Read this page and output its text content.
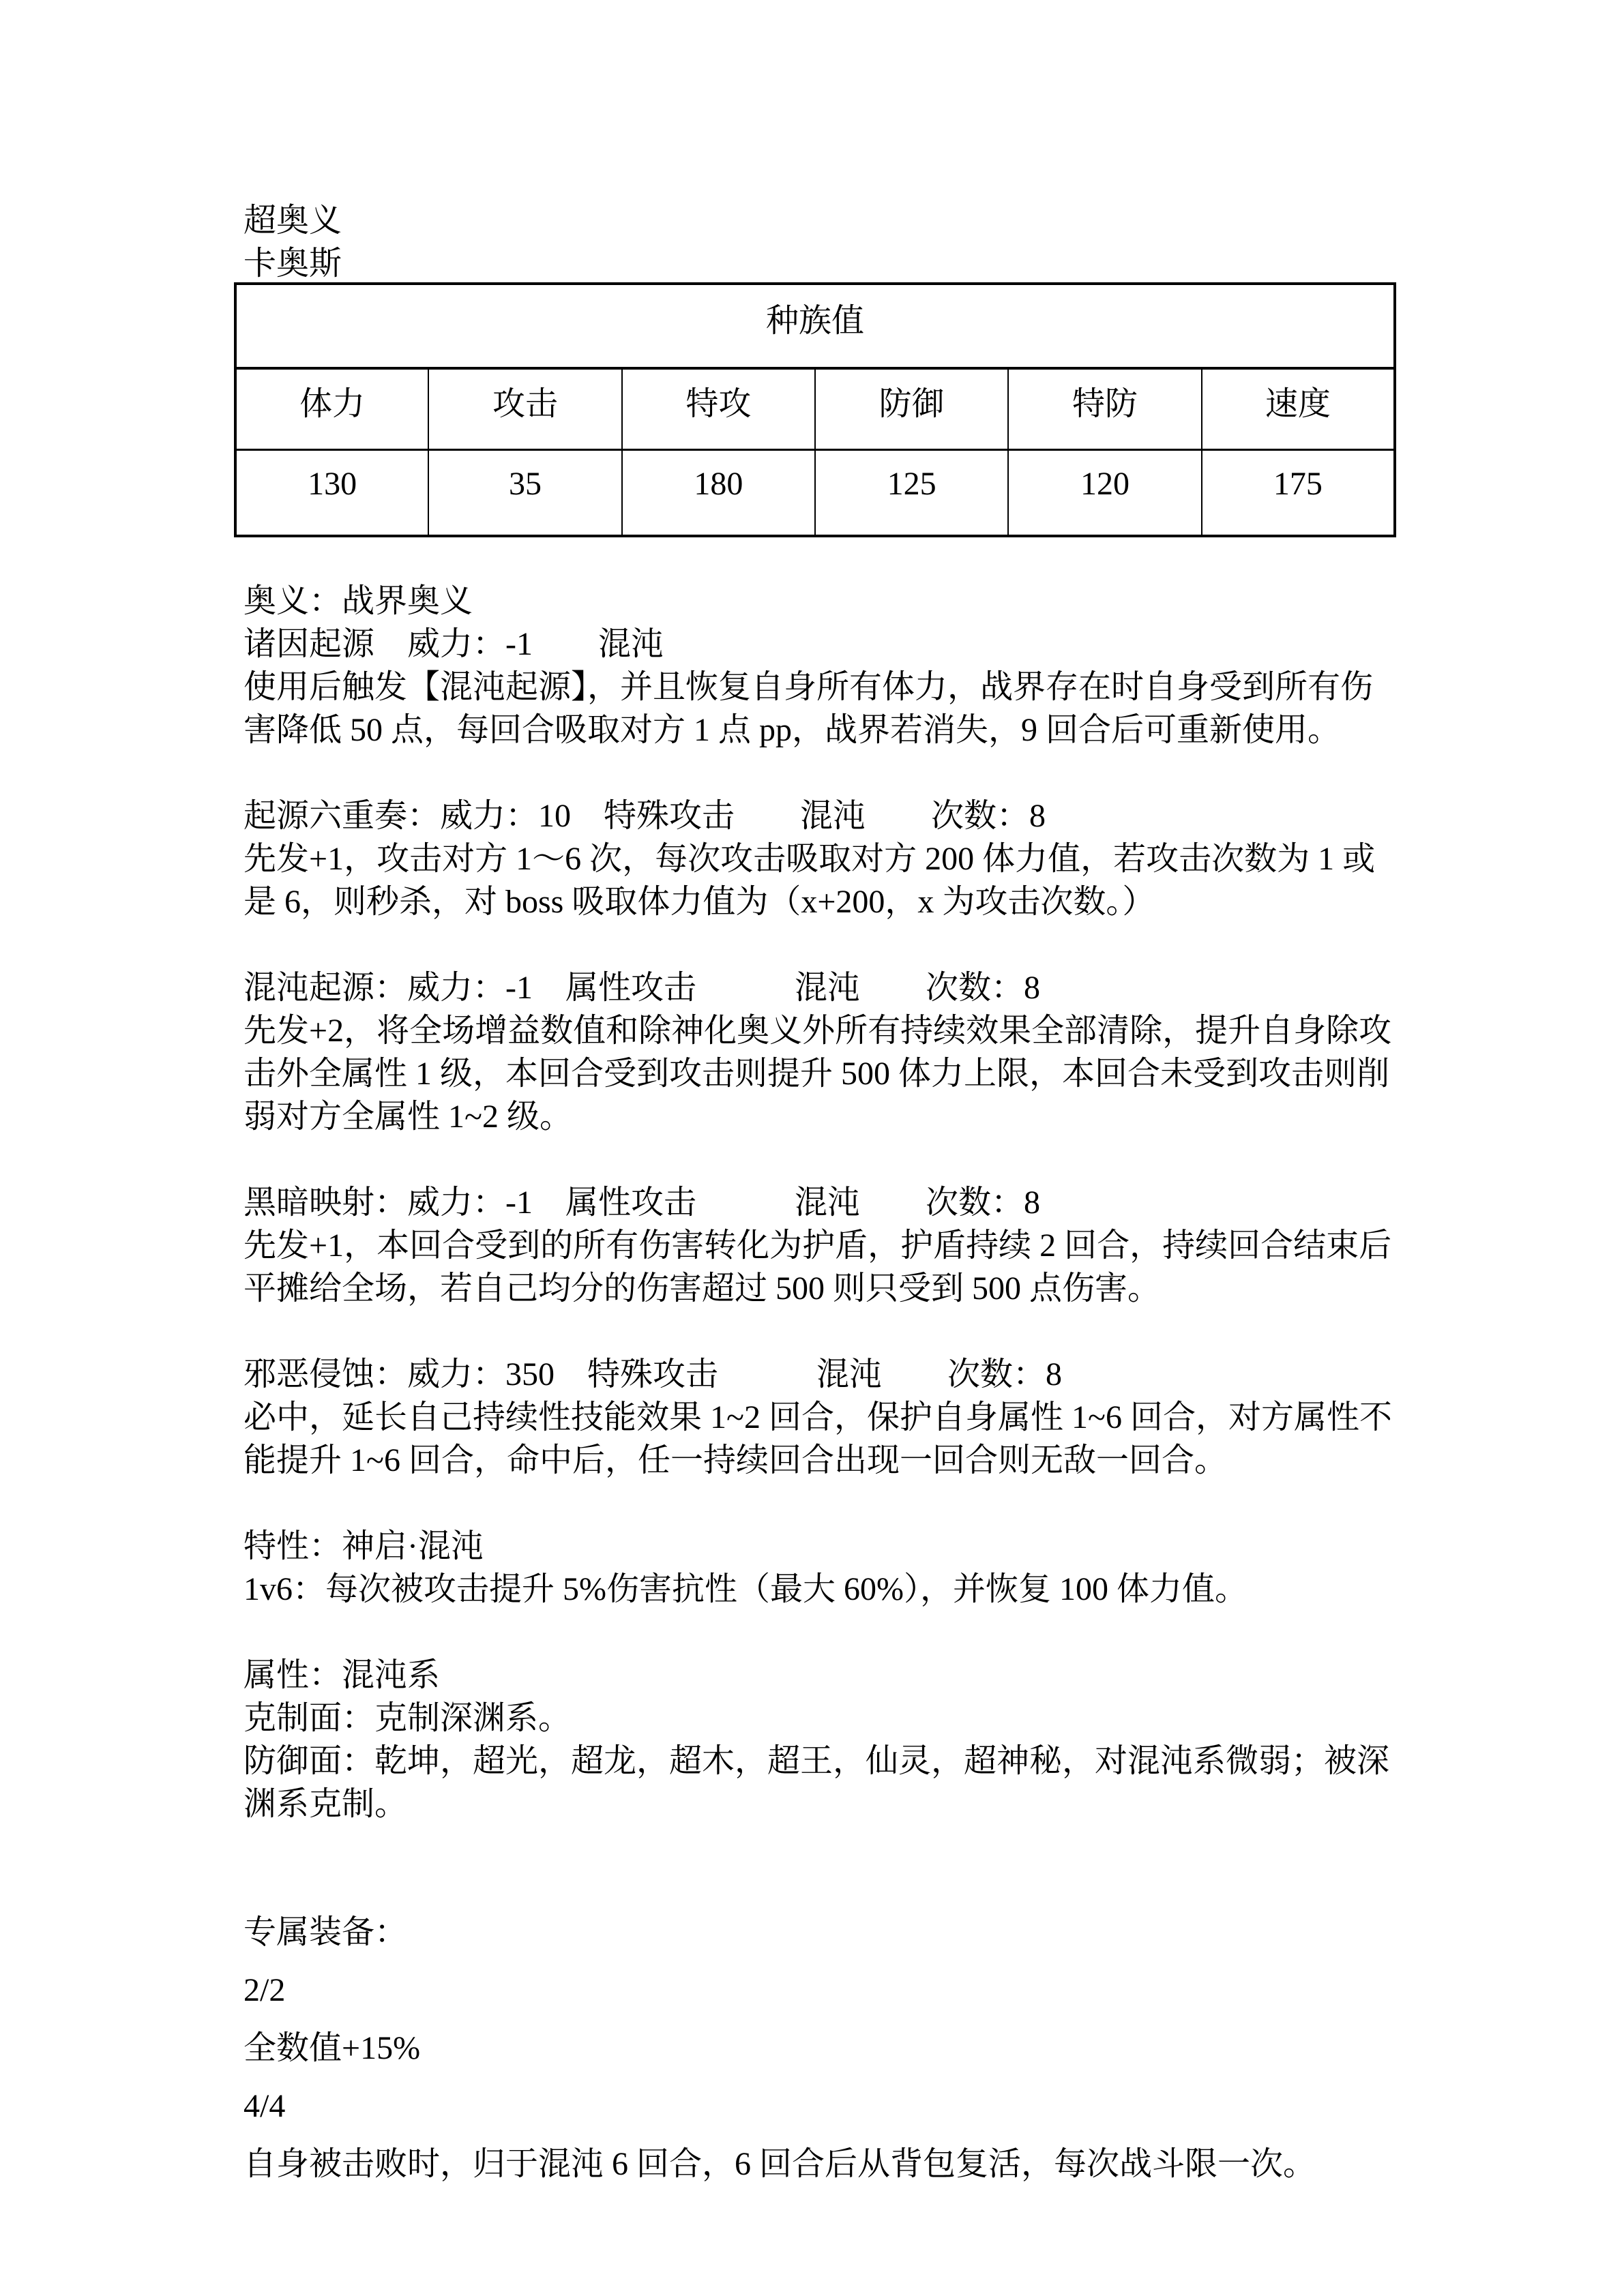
超奥义
卡奥斯
种族值					
体力	攻击	特攻	防御	特防	速度
130	35	180	125	120	175
奥义：战界奥义
诸因起源　威力：-1　　混沌
使用后触发【混沌起源】，并且恢复自身所有体力，战界存在时自身受到所有伤
害降低 50 点，每回合吸取对方 1 点 pp，战界若消失，9 回合后可重新使用。
起源六重奏：威力：10　特殊攻击　　混沌　　次数：8
先发+1，攻击对方 1～6 次，每次攻击吸取对方 200 体力值，若攻击次数为 1 或
是 6，则秒杀，对 boss 吸取体力值为（x+200，x 为攻击次数。）
混沌起源：威力：-1　属性攻击　　　混沌　　次数：8
先发+2，将全场增益数值和除神化奥义外所有持续效果全部清除，提升自身除攻
击外全属性 1 级，本回合受到攻击则提升 500 体力上限，本回合未受到攻击则削
弱对方全属性 1~2 级。
黑暗映射：威力：-1　属性攻击　　　混沌　　次数：8
先发+1，本回合受到的所有伤害转化为护盾，护盾持续 2 回合，持续回合结束后
平摊给全场，若自己均分的伤害超过 500 则只受到 500 点伤害。
邪恶侵蚀：威力：350　特殊攻击　　　混沌　　次数：8
必中，延长自己持续性技能效果 1~2 回合，保护自身属性 1~6 回合，对方属性不
能提升 1~6 回合，命中后，任一持续回合出现一回合则无敌一回合。
特性：神启·混沌
1v6：每次被攻击提升 5%伤害抗性（最大 60%），并恢复 100 体力值。
属性：混沌系
克制面：克制深渊系。
防御面：乾坤，超光，超龙，超木，超王，仙灵，超神秘，对混沌系微弱；被深
渊系克制。
专属装备：
2/2
全数值+15%
4/4
自身被击败时，归于混沌 6 回合，6 回合后从背包复活，每次战斗限一次。
